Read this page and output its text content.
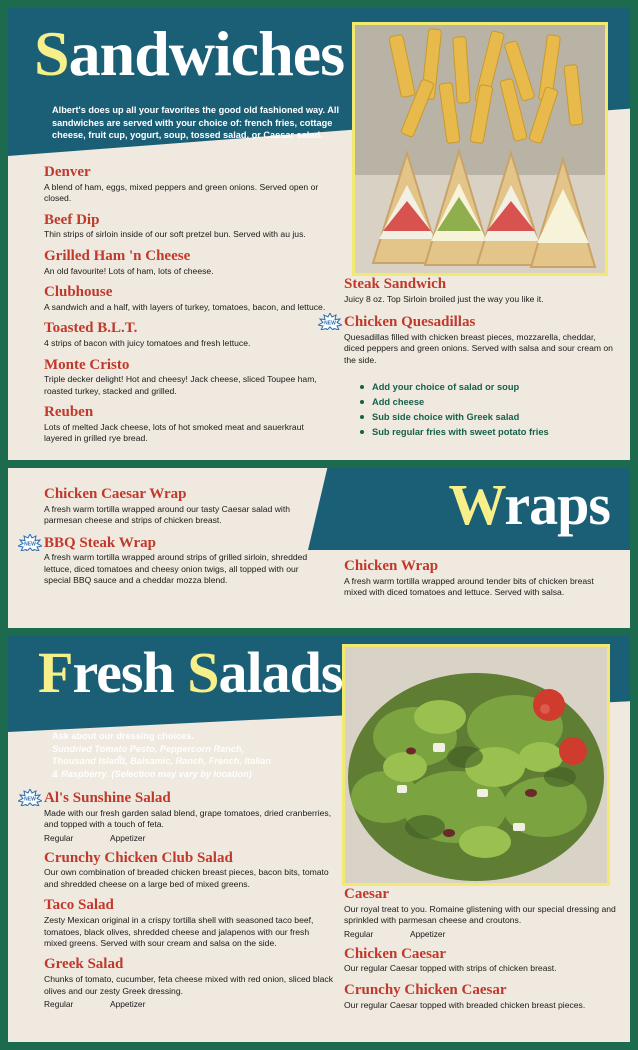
Sandwiches
Albert's does up all your favorites the good old fashioned way. All sandwiches are served with your choice of: french fries, cottage cheese, fruit cup, yogurt, soup, tossed salad, or Caesar salad.
Denver
A blend of ham, eggs, mixed peppers and green onions. Served open or closed.
Beef Dip
Thin strips of sirloin inside of our soft pretzel bun. Served with au jus.
Grilled Ham 'n Cheese
An old favourite! Lots of ham, lots of cheese.
Clubhouse
A sandwich and a half, with layers of turkey, tomatoes, bacon, and lettuce.
Toasted B.L.T.
4 strips of bacon with juicy tomatoes and fresh lettuce.
Monte Cristo
Triple decker delight! Hot and cheesy! Jack cheese, sliced Toupee ham, roasted turkey, stacked and grilled.
Reuben
Lots of melted Jack cheese, lots of hot smoked meat and sauerkraut layered in grilled rye bread.
Steak Sandwich
Juicy 8 oz. Top Sirloin broiled just the way you like it.
NEW Chicken Quesadillas
Quesadillas filled with chicken breast pieces, mozzarella, cheddar, diced peppers and green onions. Served with salsa and sour cream on the side.
Add your choice of salad or soup
Add cheese
Sub side choice with Greek salad
Sub regular fries with sweet potato fries
Wraps
Chicken Caesar Wrap
A fresh warm tortilla wrapped around our tasty Caesar salad with parmesan cheese and strips of chicken breast.
NEW BBQ Steak Wrap
A fresh warm tortilla wrapped around strips of grilled sirloin, shredded lettuce, diced tomatoes and cheesy onion twigs, all topped with our special BBQ sauce and a cheddar mozza blend.
Chicken Wrap
A fresh warm tortilla wrapped around tender bits of chicken breast mixed with diced tomatoes and lettuce. Served with salsa.
Fresh Salads
Ask about our dressing choices.
Sundried Tomato Pesto, Peppercorn Ranch,
Thousand Island, Balsamic, Ranch, French, Italian
& Raspberry. (Selection may vary by location)
NEW Al's Sunshine Salad
Made with our fresh garden salad blend, grape tomatoes, dried cranberries, and topped with a touch of feta.
Regular	Appetizer
Crunchy Chicken Club Salad
Our own combination of breaded chicken breast pieces, bacon bits, tomato and shredded cheese on a large bed of mixed greens.
Taco Salad
Zesty Mexican original in a crispy tortilla shell with seasoned taco beef, tomatoes, black olives, shredded cheese and jalapenos with our fresh mixed greens. Served with sour cream and salsa on the side.
Greek Salad
Chunks of tomato, cucumber, feta cheese mixed with red onion, sliced black olives and our zesty Greek dressing.
Regular	Appetizer
Caesar
Our royal treat to you. Romaine glistening with our special dressing and sprinkled with parmesan cheese and croutons.
Regular	Appetizer
Chicken Caesar
Our regular Caesar topped with strips of chicken breast.
Crunchy Chicken Caesar
Our regular Caesar topped with breaded chicken breast pieces.
